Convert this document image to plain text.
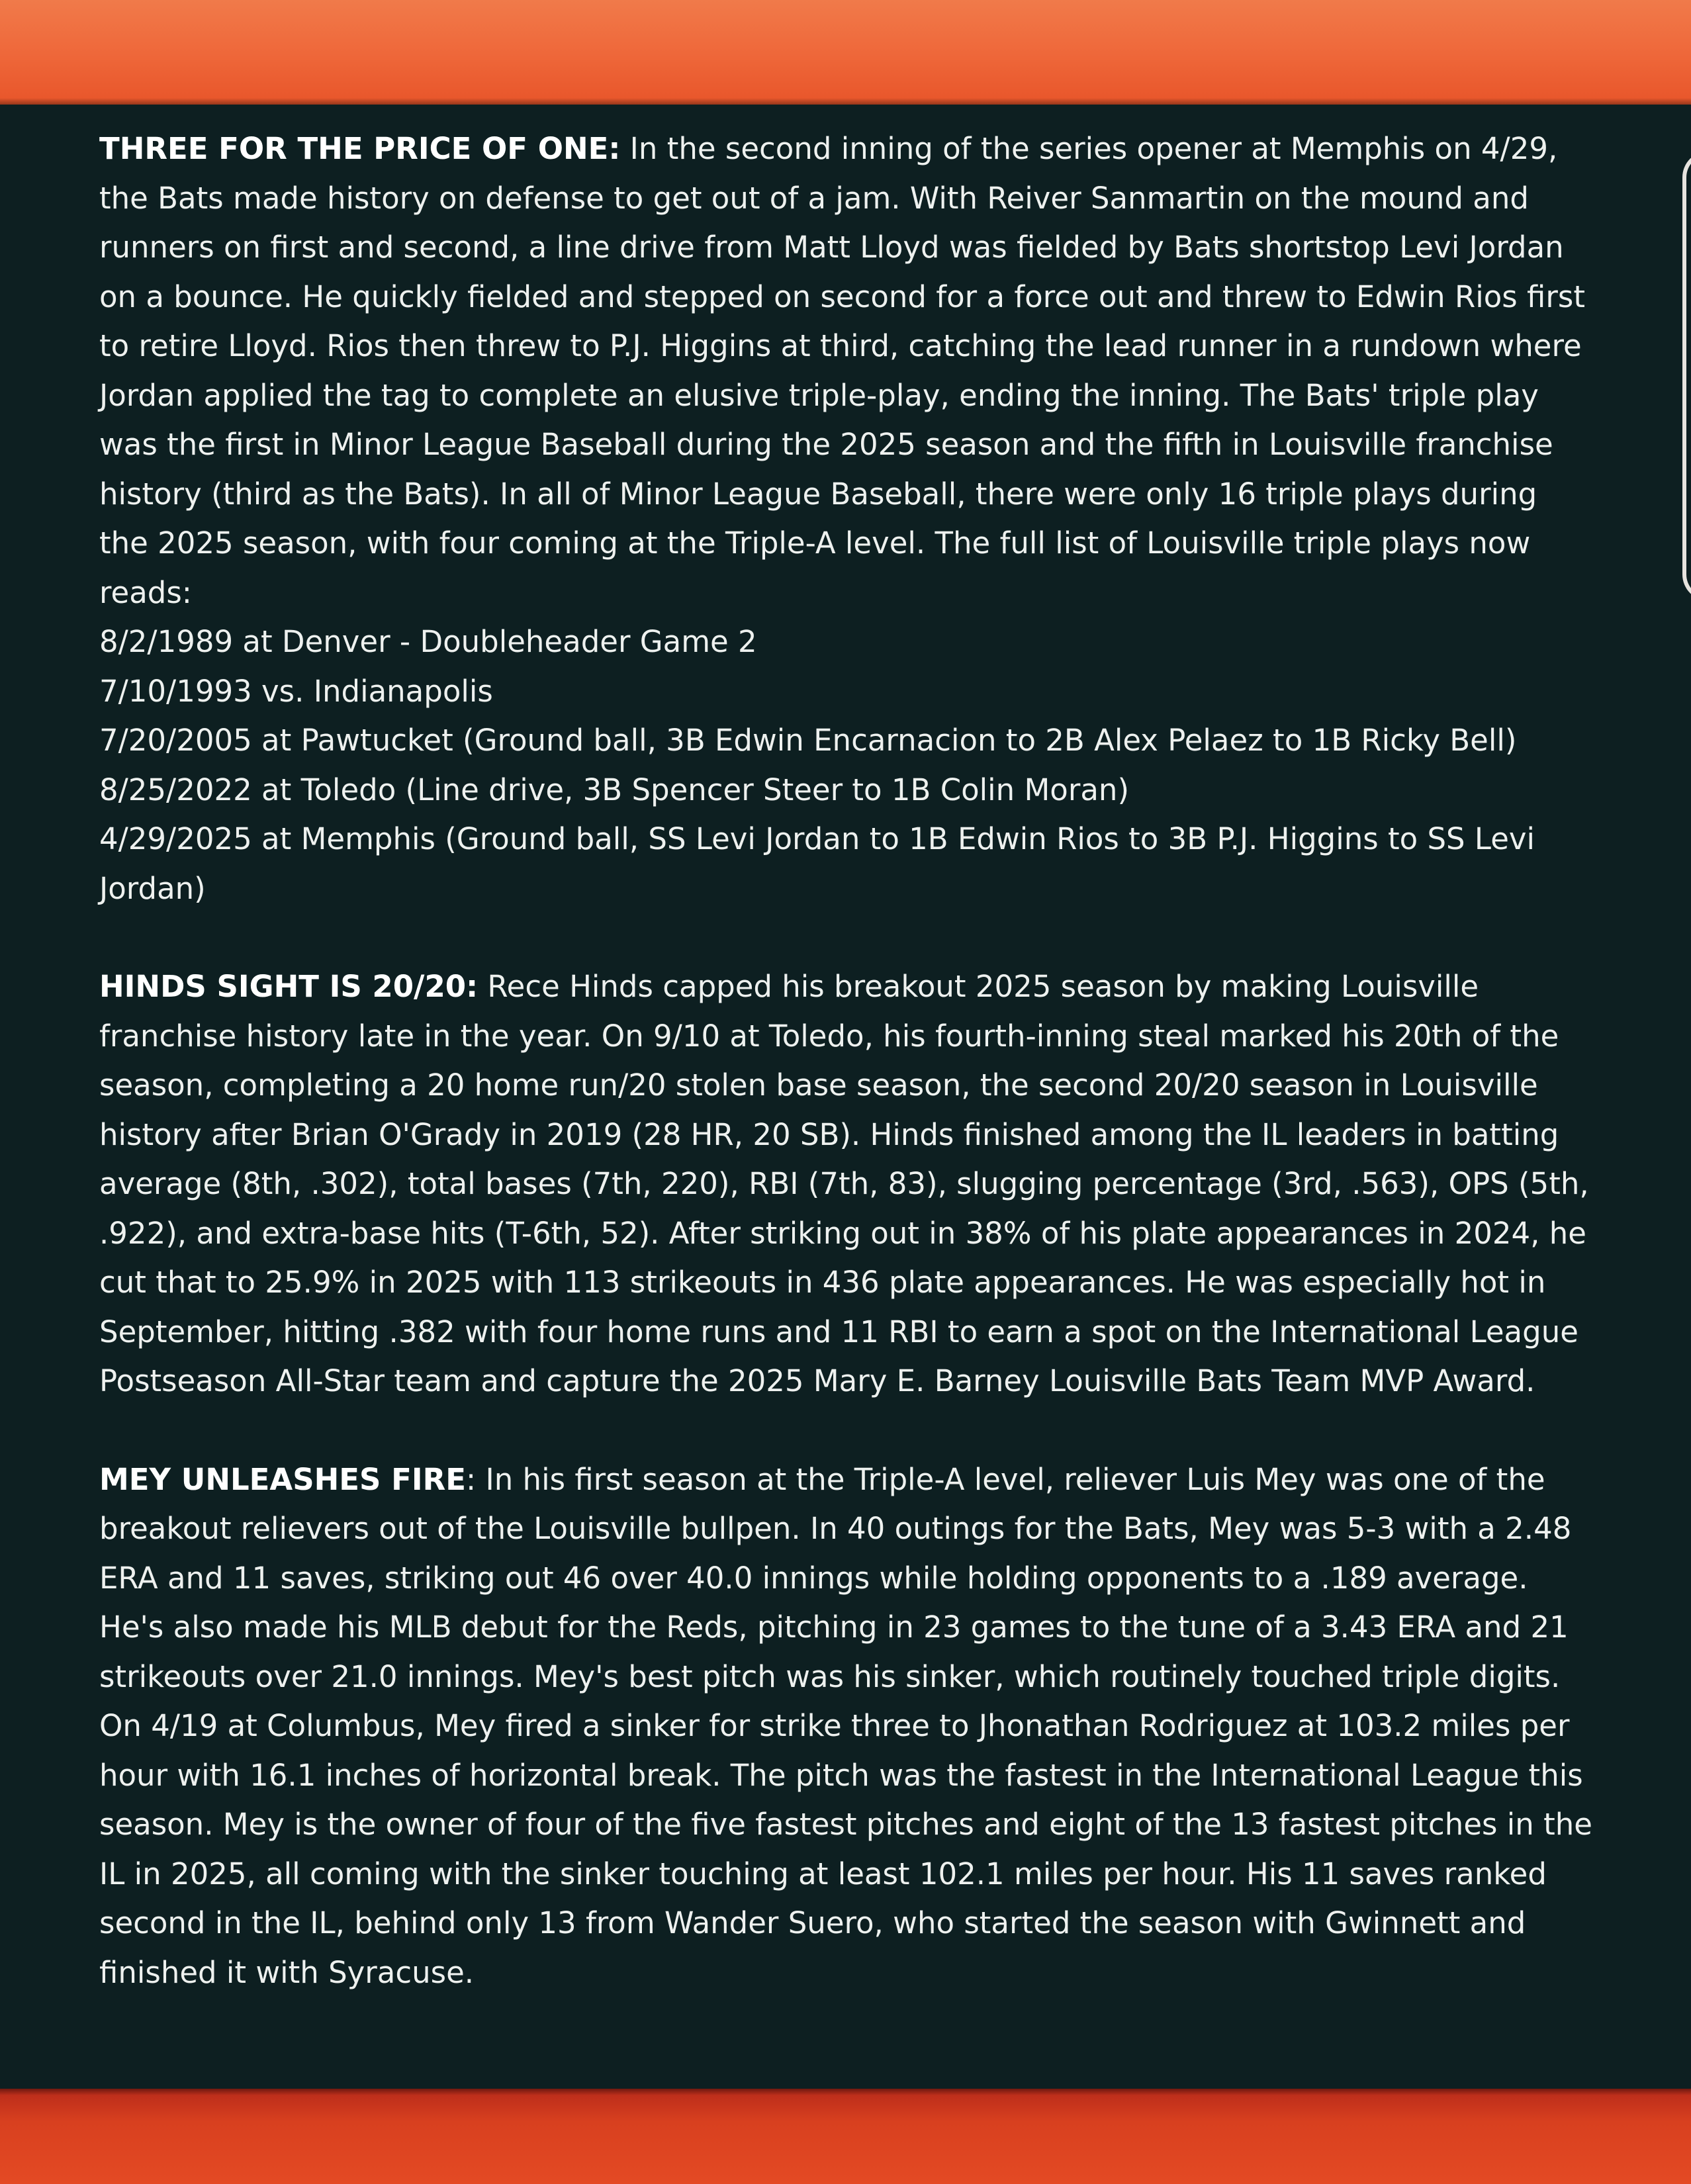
THREE FOR THE PRICE OF ONE: In the second inning of the series opener at Memphis on 4/29, the Bats made history on defense to get out of a jam. With Reiver Sanmartin on the mound and runners on first and second, a line drive from Matt Lloyd was fielded by Bats shortstop Levi Jordan on a bounce. He quickly fielded and stepped on second for a force out and threw to Edwin Rios first to retire Lloyd. Rios then threw to P.J. Higgins at third, catching the lead runner in a rundown where Jordan applied the tag to complete an elusive triple-play, ending the inning. The Bats' triple play was the first in Minor League Baseball during the 2025 season and the fifth in Louisville franchise history (third as the Bats). In all of Minor League Baseball, there were only 16 triple plays during the 2025 season, with four coming at the Triple-A level. The full list of Louisville triple plays now reads:
8/2/1989 at Denver - Doubleheader Game 2
7/10/1993 vs. Indianapolis
7/20/2005 at Pawtucket (Ground ball, 3B Edwin Encarnacion to 2B Alex Pelaez to 1B Ricky Bell)
8/25/2022 at Toledo (Line drive, 3B Spencer Steer to 1B Colin Moran)
4/29/2025 at Memphis (Ground ball, SS Levi Jordan to 1B Edwin Rios to 3B P.J. Higgins to SS Levi Jordan)
HINDS SIGHT IS 20/20: Rece Hinds capped his breakout 2025 season by making Louisville franchise history late in the year. On 9/10 at Toledo, his fourth-inning steal marked his 20th of the season, completing a 20 home run/20 stolen base season, the second 20/20 season in Louisville history after Brian O'Grady in 2019 (28 HR, 20 SB). Hinds finished among the IL leaders in batting average (8th, .302), total bases (7th, 220), RBI (7th, 83), slugging percentage (3rd, .563), OPS (5th, .922), and extra-base hits (T-6th, 52). After striking out in 38% of his plate appearances in 2024, he cut that to 25.9% in 2025 with 113 strikeouts in 436 plate appearances. He was especially hot in September, hitting .382 with four home runs and 11 RBI to earn a spot on the International League Postseason All-Star team and capture the 2025 Mary E. Barney Louisville Bats Team MVP Award.
MEY UNLEASHES FIRE: In his first season at the Triple-A level, reliever Luis Mey was one of the breakout relievers out of the Louisville bullpen. In 40 outings for the Bats, Mey was 5-3 with a 2.48 ERA and 11 saves, striking out 46 over 40.0 innings while holding opponents to a .189 average. He's also made his MLB debut for the Reds, pitching in 23 games to the tune of a 3.43 ERA and 21 strikeouts over 21.0 innings. Mey's best pitch was his sinker, which routinely touched triple digits. On 4/19 at Columbus, Mey fired a sinker for strike three to Jhonathan Rodriguez at 103.2 miles per hour with 16.1 inches of horizontal break. The pitch was the fastest in the International League this season. Mey is the owner of four of the five fastest pitches and eight of the 13 fastest pitches in the IL in 2025, all coming with the sinker touching at least 102.1 miles per hour. His 11 saves ranked second in the IL, behind only 13 from Wander Suero, who started the season with Gwinnett and finished it with Syracuse.
